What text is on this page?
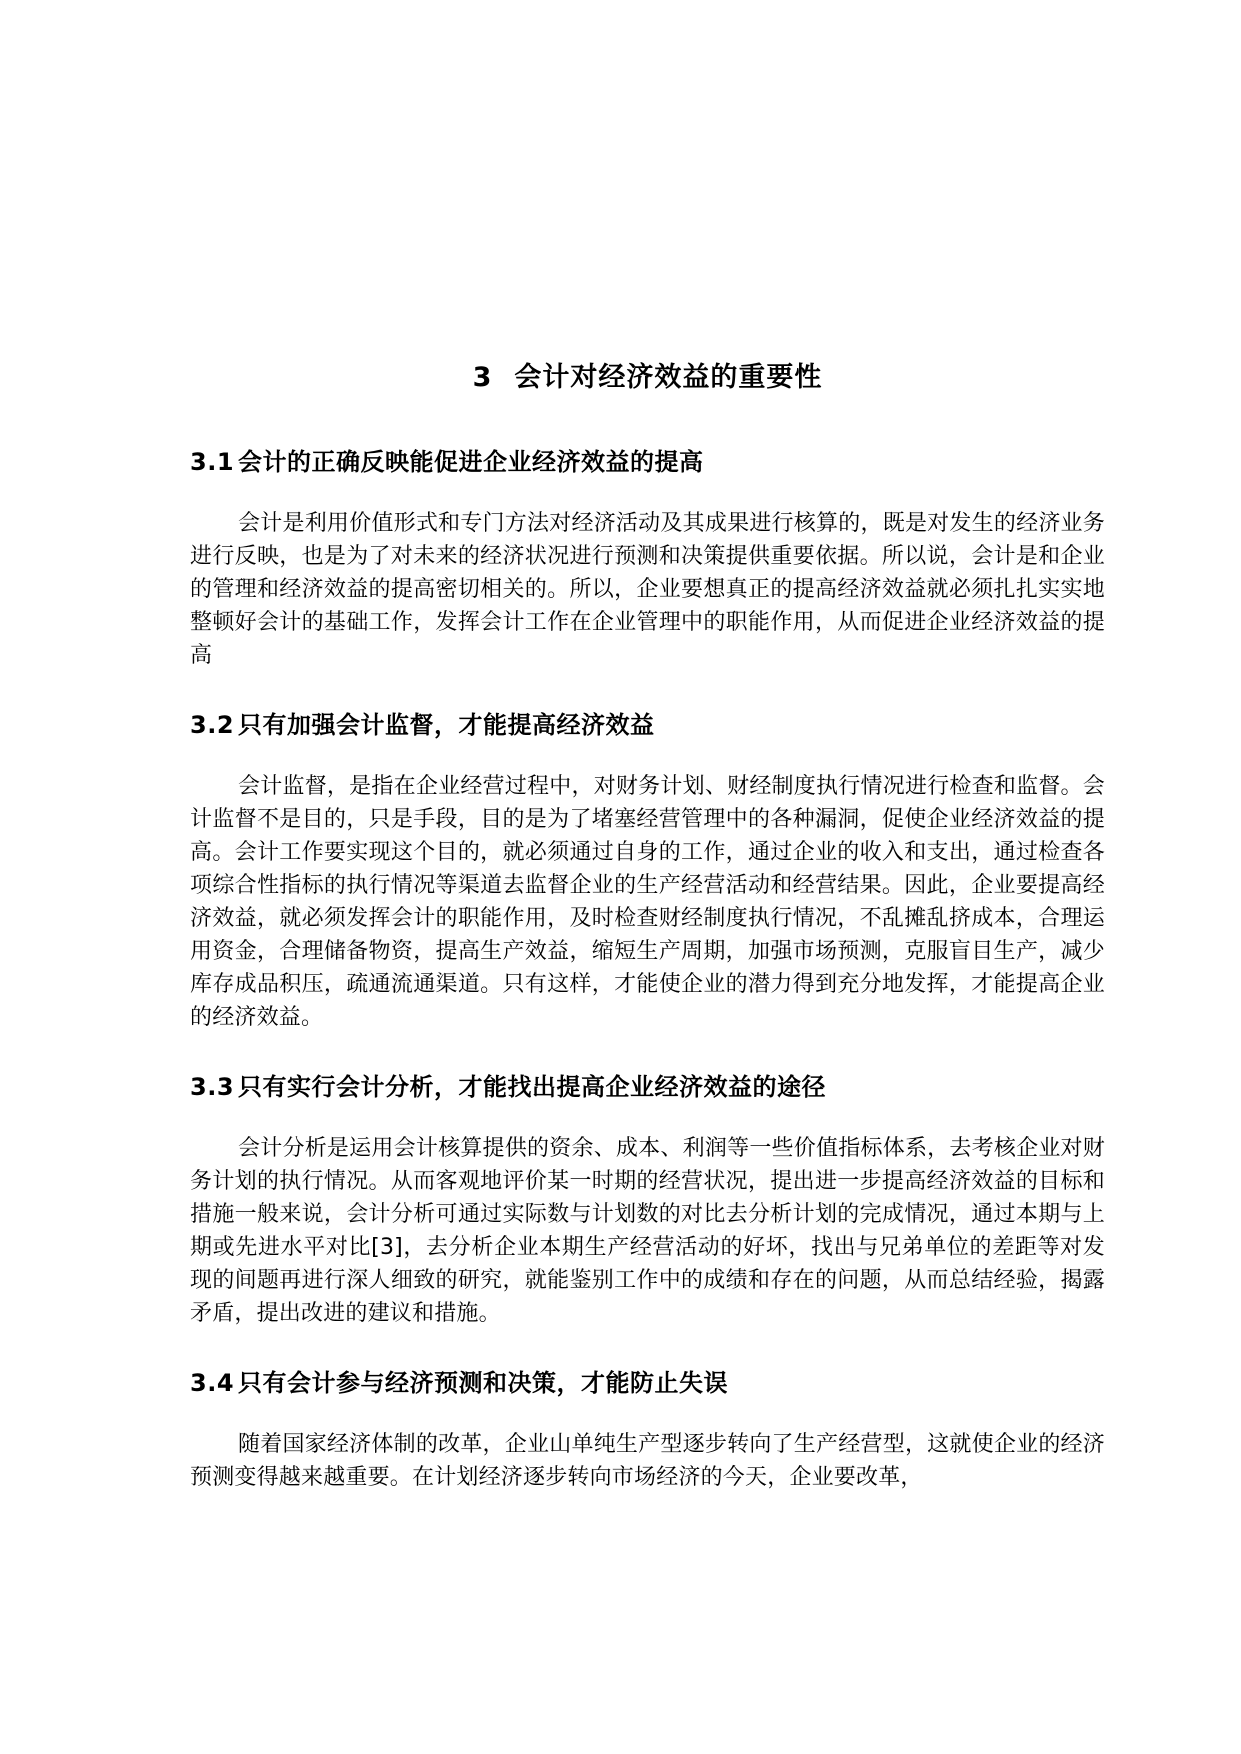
3 会计对经济效益的重要性
3.1 会计的正确反映能促进企业经济效益的提高

会计是利用价值形式和专门方法对经济活动及其成果进行核算的，既是对发生的经济业务进行反映，也是为了对未来的经济状况进行预测和决策提供重要依据。所以说，会计是和企业的管理和经济效益的提高密切相关的。所以，企业要想真正的提高经济效益就必须扎扎实实地整顿好会计的基础工作，发挥会计工作在企业管理中的职能作用，从而促进企业经济效益的提高

3.2 只有加强会计监督，才能提高经济效益

会计监督，是指在企业经营过程中，对财务计划、财经制度执行情况进行检查和监督。会计监督不是目的，只是手段，目的是为了堵塞经营管理中的各种漏洞，促使企业经济效益的提高。会计工作要实现这个目的，就必须通过自身的工作，通过企业的收入和支出，通过检查各项综合性指标的执行情况等渠道去监督企业的生产经营活动和经营结果。因此，企业要提高经济效益，就必须发挥会计的职能作用，及时检查财经制度执行情况，不乱摊乱挤成本，合理运用资金，合理储备物资，提高生产效益，缩短生产周期，加强市场预测，克服盲目生产，减少库存成品积压，疏通流通渠道。只有这样，才能使企业的潜力得到充分地发挥，才能提高企业的经济效益。

3.3 只有实行会计分析，才能找出提高企业经济效益的途径

会计分析是运用会计核算提供的资余、成本、利润等一些价值指标体系，去考核企业对财务计划的执行情况。从而客观地评价某一时期的经营状况，提出进一步提高经济效益的目标和措施一般来说，会计分析可通过实际数与计划数的对比去分析计划的完成情况，通过本期与上期或先进水平对比[3]，去分析企业本期生产经营活动的好坏，找出与兄弟单位的差距等对发现的间题再进行深人细致的研究，就能鉴别工作中的成绩和存在的问题，从而总结经验，揭露矛盾，提出改进的建议和措施。

3.4 只有会计参与经济预测和决策，才能防止失误

随着国家经济体制的改革，企业山单纯生产型逐步转向了生产经营型，这就使企业的经济预测变得越来越重要。在计划经济逐步转向市场经济的今天，企业要改革，
